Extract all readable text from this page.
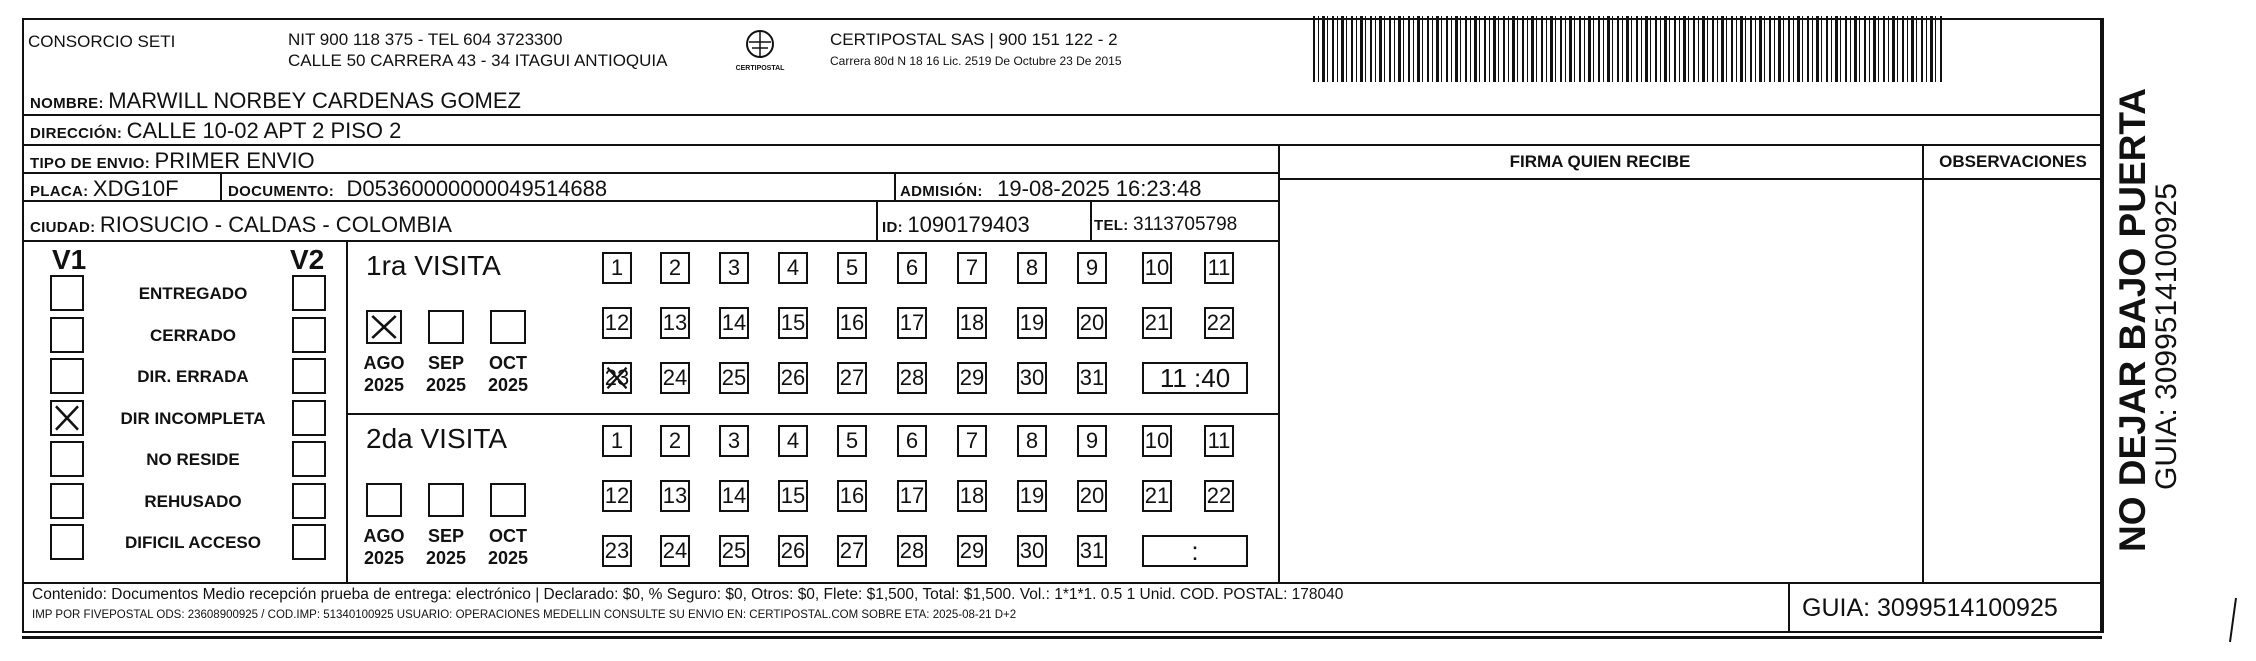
CONSORCIO SETI	NIT 900 118 375 - TEL 604 3723300
CALLE 50 CARRERA 43 - 34 ITAGUI ANTIOQUIA	CERTIPOSTAL
CERTIPOSTAL SAS | 900 151 122 - 2
Carrera 80d N 18 16 Lic. 2519 De Octubre 23 De 2015
NOMBRE: MARWILL NORBEY CARDENAS GOMEZ
DIRECCIÓN: CALLE 10-02 APT 2 PISO 2
TIPO DE ENVIO: PRIMER ENVIO
PLACA: XDG10F	DOCUMENTO: D05360000000049514688	ADMISIÓN: 19-08-2025 16:23:48
CIUDAD: RIOSUCIO - CALDAS - COLOMBIA	ID: 1090179403	TEL: 3113705798
FIRMA QUIEN RECIBE	OBSERVACIONES
V1	V2
ENTREGADO
CERRADO
DIR. ERRADA
DIR INCOMPLETA
NO RESIDE
REHUSADO
DIFICIL ACCESO
1ra VISITA
AGO
2025
SEP
2025
OCT
2025
1	2	3	4	5	6	7	8	9	10 11
12 13 14 15 16 17 18 19 20 21 22
23 24 25 26 27 28 29 30 31	11 :40
2da VISITA
AGO
2025
SEP
2025
OCT
2025
1	2	3	4	5	6	7	8	9	10 11
12 13 14 15 16 17 18 19 20 21 22
23 24 25 26 27 28 29 30 31	:
Contenido: Documentos Medio recepción prueba de entrega: electrónico | Declarado: $0, % Seguro: $0, Otros: $0, Flete: $1,500, Total: $1,500. Vol.: 1*1*1. 0.5 1 Unid. COD. POSTAL: 178040
IMP POR FIVEPOSTAL ODS: 23608900925 / COD.IMP: 51340100925 USUARIO: OPERACIONES MEDELLIN CONSULTE SU ENVIO EN: CERTIPOSTAL.COM SOBRE ETA: 2025-08-21 D+2	GUIA: 3099514100925
NO DEJAR BAJO PUERTA
GUIA: 3099514100925
